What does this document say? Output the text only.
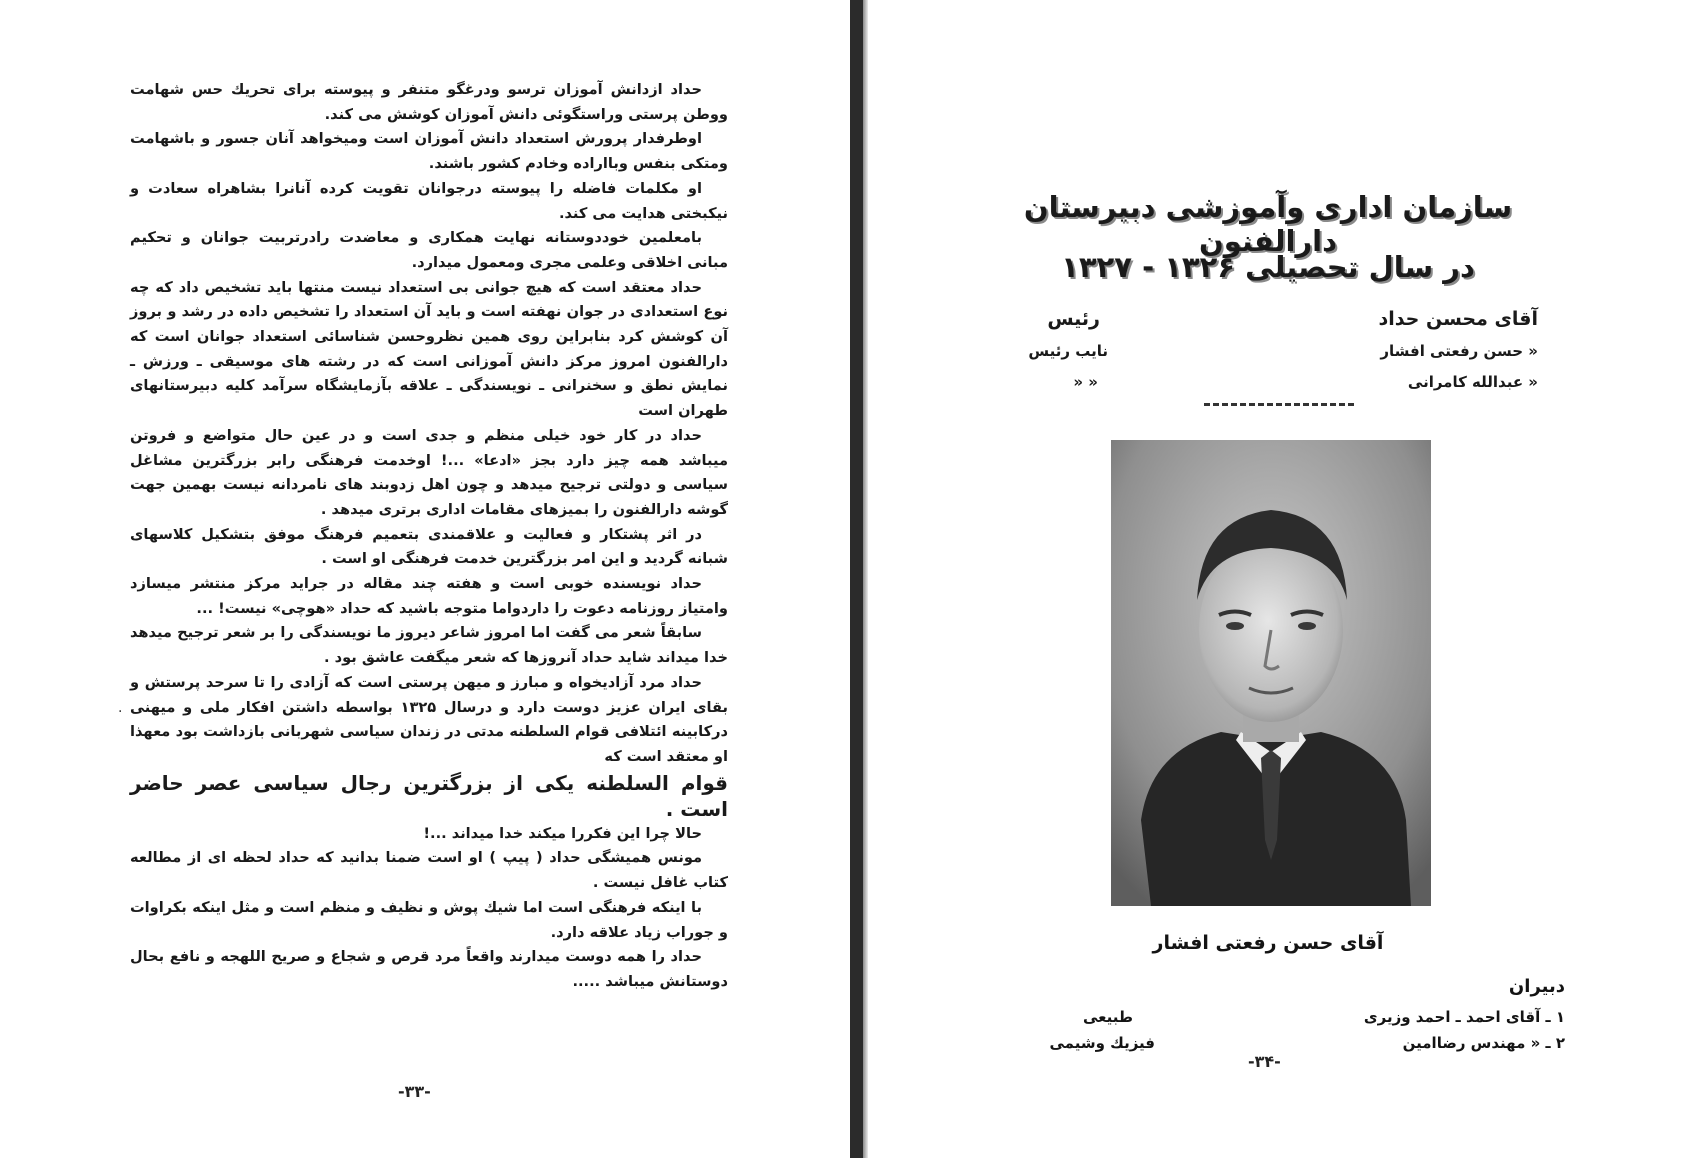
حداد ازدانش آموزان ترسو ودرغگو متنفر و پیوسته برای تحریك حس شهامت ووطن پرستی وراستگوئی دانش آموزان کوشش می کند.

اوطرفدار پرورش استعداد دانش آموزان است ومیخواهد آنان جسور و باشهامت ومتکی بنفس وبااراده وخادم کشور باشند.

او مکلمات فاضله را پیوسته درجوانان تقویت کرده آنانرا بشاهراه سعادت و نیکبختی هدایت می کند.

بامعلمین خوددوستانه نهایت همکاری و معاضدت رادرتربیت جوانان و تحکیم مبانی اخلاقی وعلمی مجری ومعمول میدارد.

حداد معتقد است که هیچ جوانی بی استعداد نیست منتها باید تشخیص داد که چه نوع استعدادی در جوان نهفته است و باید آن استعداد را تشخیص داده در رشد و بروز آن کوشش کرد بنابراین روی همین نظروحسن شناسائی استعداد جوانان است که دارالفنون امروز مرکز دانش آموزانی است که در رشته های موسیقی ـ ورزش ـ نمایش نطق و سخنرانی ـ نویسندگی ـ علاقه بآزمایشگاه سرآمد کلیه دبیرستانهای طهران است

حداد در کار خود خیلی منظم و جدی است و در عین حال متواضع و فروتن میباشد همه چیز دارد بجز «ادعا» ...! اوخدمت فرهنگی رابر بزرگترین مشاغل سیاسی و دولتی ترجیح میدهد و چون اهل زدوبند های نامردانه نیست بهمین جهت گوشه دارالفنون را بمیزهای مقامات اداری برتری میدهد .

در اثر پشتکار و فعالیت و علاقمندی بتعمیم فرهنگ موفق بتشکیل کلاسهای شبانه گردید و این امر بزرگترین خدمت فرهنگی او است .

حداد نویسنده خوبی است و هفته چند مقاله در جراید مرکز منتشر میسازد وامتیاز روزنامه دعوت را داردواما متوجه باشید که حداد «هوچی» نیست! ...

سابقاً شعر می گفت اما امروز شاعر دیروز ما نویسندگی را بر شعر ترجیح میدهد خدا میداند شاید حداد آنروزها که شعر میگفت عاشق بود .

حداد مرد آزادیخواه و مبارز و میهن پرستی است که آزادی را تا سرحد پرستش و بقای ایران عزیز دوست دارد و درسال ۱۳۲۵ بواسطه داشتن افکار ملی و میهنی درکابینه ائتلافی قوام السلطنه مدتی در زندان سیاسی شهربانی بازداشت بود معهذا او معتقد است که

قوام السلطنه یکی از بزرگترین رجال سیاسی عصر حاضر است .

حالا چرا این فکررا میکند خدا میداند ...!

مونس همیشگی حداد ( پیپ ) او است ضمنا بدانید که حداد لحظه ای از مطالعه کتاب غافل نیست .

با اینکه فرهنگی است اما شیك پوش و نظیف و منظم است و مثل اینکه بکراوات و جوراب زیاد علاقه دارد.

حداد را همه دوست میدارند واقعاً مرد قرص و شجاع و صریح اللهجه و نافع بحال دوستانش میباشد .....

·
-۳۳-
سازمان اداری وآموزشی دبیرستان دارالفنون
در سال تحصیلی ۱۳۲۶ - ۱۳۲۷
آقای محسن حداد
رئیس
« حسن رفعتی افشار
نایب رئیس
« عبدالله کامرانی
« «
آقای حسن رفعتی افشار
دبیران
۱ ـ آقای احمد ـ احمد وزیری
طبیعی
۲ ـ « مهندس رضاامین
فیزیك وشیمی
-۳۴-
